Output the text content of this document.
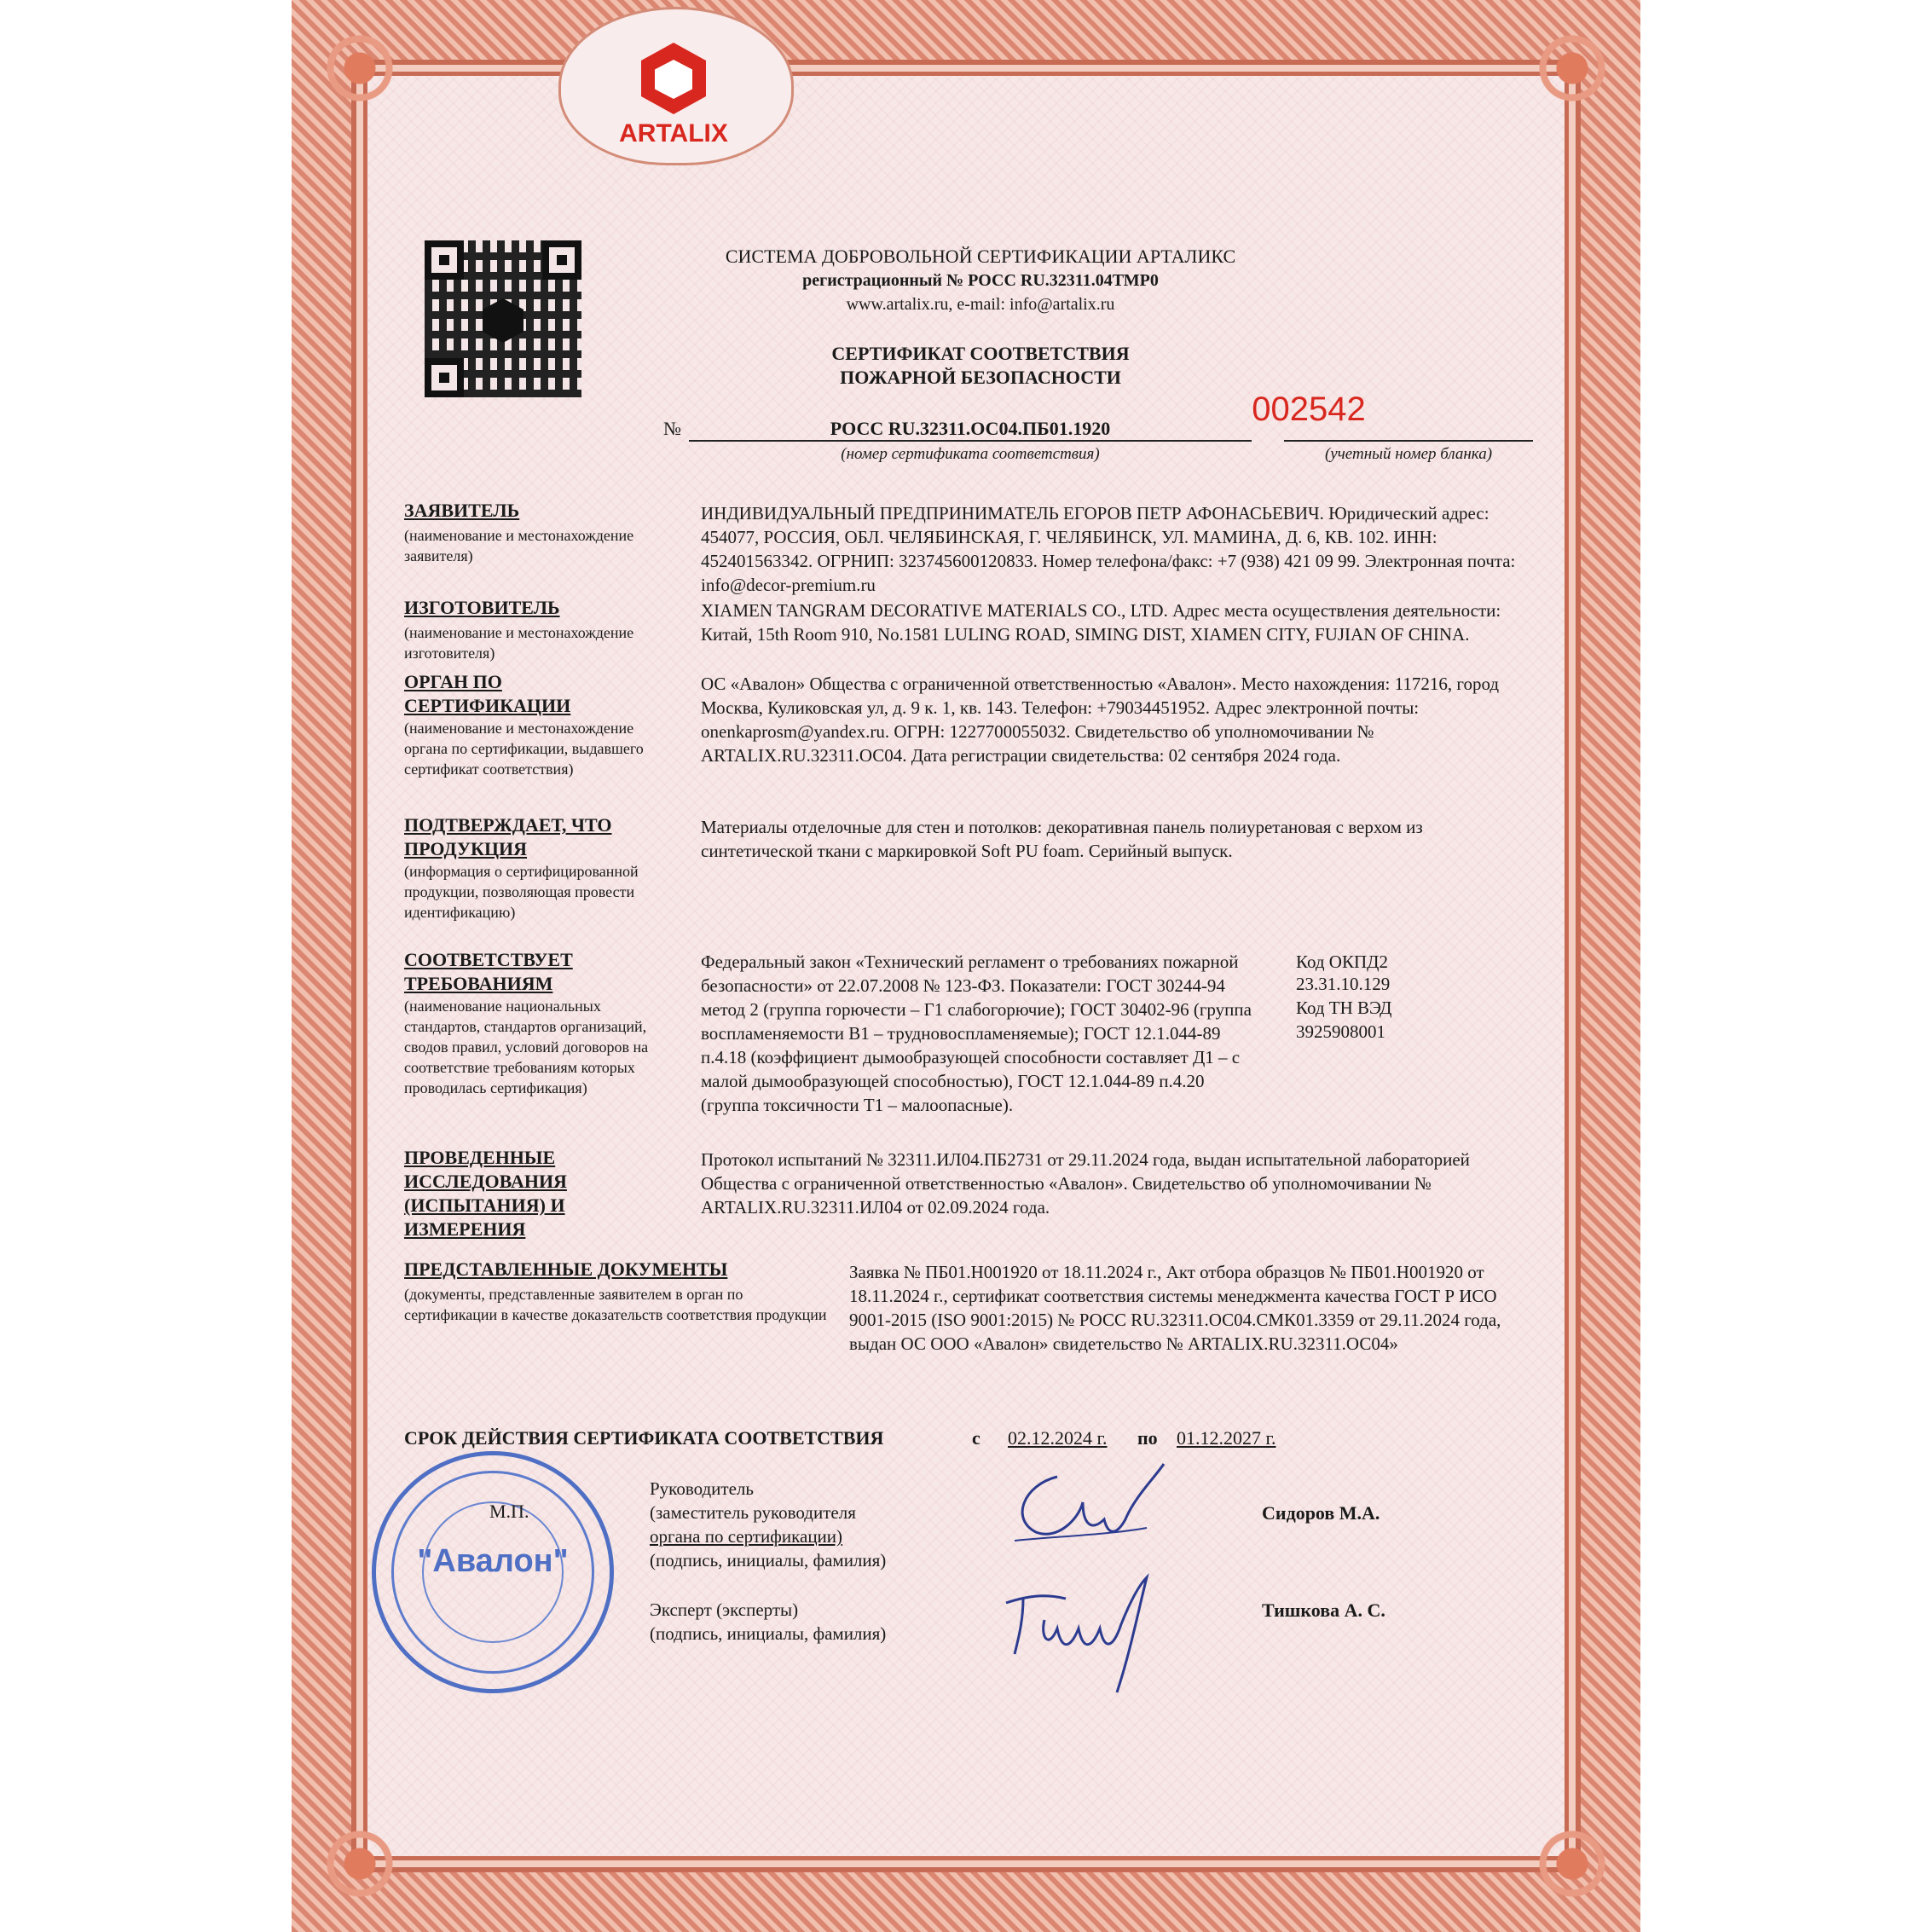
ARTALIX
СИСТЕМА ДОБРОВОЛЬНОЙ СЕРТИФИКАЦИИ АРТАЛИКС
регистрационный № РОСС RU.32311.04ТМР0
www.artalix.ru, e-mail: info@artalix.ru
СЕРТИФИКАТ СООТВЕТСТВИЯ
ПОЖАРНОЙ БЕЗОПАСНОСТИ
002542
№	РОСС RU.32311.ОС04.ПБ01.1920
(номер сертификата соответствия)	(учетный номер бланка)
ЗАЯВИТЕЛЬ
(наименование и местонахождение заявителя)
ИНДИВИДУАЛЬНЫЙ ПРЕДПРИНИМАТЕЛЬ ЕГОРОВ ПЕТР АФОНАСЬЕВИЧ. Юридический адрес: 454077, РОССИЯ, ОБЛ. ЧЕЛЯБИНСКАЯ, Г. ЧЕЛЯБИНСК, УЛ. МАМИНА, Д. 6, КВ. 102. ИНН: 452401563342. ОГРНИП: 323745600120833. Номер телефона/факс: +7 (938) 421 09 99. Электронная почта: info@decor-premium.ru
ИЗГОТОВИТЕЛЬ
(наименование и местонахождение изготовителя)
XIAMEN TANGRAM DECORATIVE MATERIALS CO., LTD. Адрес места осуществления деятельности: Китай, 15th Room 910, No.1581 LULING ROAD, SIMING DIST, XIAMEN CITY, FUJIAN OF CHINA.
ОРГАН ПО СЕРТИФИКАЦИИ
(наименование и местонахождение органа по сертификации, выдавшего сертификат соответствия)
ОС «Авалон» Общества с ограниченной ответственностью «Авалон». Место нахождения: 117216, город Москва, Куликовская ул, д. 9 к. 1, кв. 143. Телефон: +79034451952. Адрес электронной почты: onenkaprosm@yandex.ru. ОГРН: 1227700055032. Свидетельство об уполномочивании № ARTALIX.RU.32311.ОС04. Дата регистрации свидетельства: 02 сентября 2024 года.
ПОДТВЕРЖДАЕТ, ЧТО ПРОДУКЦИЯ
(информация о сертифицированной продукции, позволяющая провести идентификацию)
Материалы отделочные для стен и потолков: декоративная панель полиуретановая с верхом из синтетической ткани с маркировкой Soft PU foam. Серийный выпуск.
СООТВЕТСТВУЕТ ТРЕБОВАНИЯМ
(наименование национальных стандартов, стандартов организаций, сводов правил, условий договоров на соответствие требованиям которых проводилась сертификация)
Федеральный закон «Технический регламент о требованиях пожарной безопасности» от 22.07.2008 № 123-ФЗ. Показатели: ГОСТ 30244-94 метод 2 (группа горючести – Г1 слабогорючие); ГОСТ 30402-96 (группа воспламеняемости В1 – трудновоспламеняемые); ГОСТ 12.1.044-89 п.4.18 (коэффициент дымообразующей способности составляет Д1 – с малой дымообразующей способностью), ГОСТ 12.1.044-89 п.4.20 (группа токсичности Т1 – малоопасные).
Код ОКПД2
23.31.10.129
Код ТН ВЭД
3925908001
ПРОВЕДЕННЫЕ ИССЛЕДОВАНИЯ (ИСПЫТАНИЯ) И ИЗМЕРЕНИЯ
Протокол испытаний № 32311.ИЛ04.ПБ2731 от 29.11.2024 года, выдан испытательной лабораторией Общества с ограниченной ответственностью «Авалон». Свидетельство об уполномочивании № ARTALIX.RU.32311.ИЛ04 от 02.09.2024 года.
ПРЕДСТАВЛЕННЫЕ ДОКУМЕНТЫ
(документы, представленные заявителем в орган по сертификации в качестве доказательств соответствия продукции
Заявка № ПБ01.Н001920 от 18.11.2024 г., Акт отбора образцов № ПБ01.Н001920 от 18.11.2024 г., сертификат соответствия системы менеджмента качества ГОСТ Р ИСО 9001-2015 (ISO 9001:2015) № РОСС RU.32311.ОС04.СМК01.3359 от 29.11.2024 года, выдан ОС ООО «Авалон» свидетельство № ARTALIX.RU.32311.ОС04»
СРОК ДЕЙСТВИЯ СЕРТИФИКАТА СООТВЕТСТВИЯ	с 02.12.2024 г. по 01.12.2027 г.
"Авалон"
М.П.
Руководитель
(заместитель руководителя
органа по сертификации)
(подпись, инициалы, фамилия)
Сидоров М.А.
Эксперт (эксперты)
(подпись, инициалы, фамилия)
Тишкова А. С.
